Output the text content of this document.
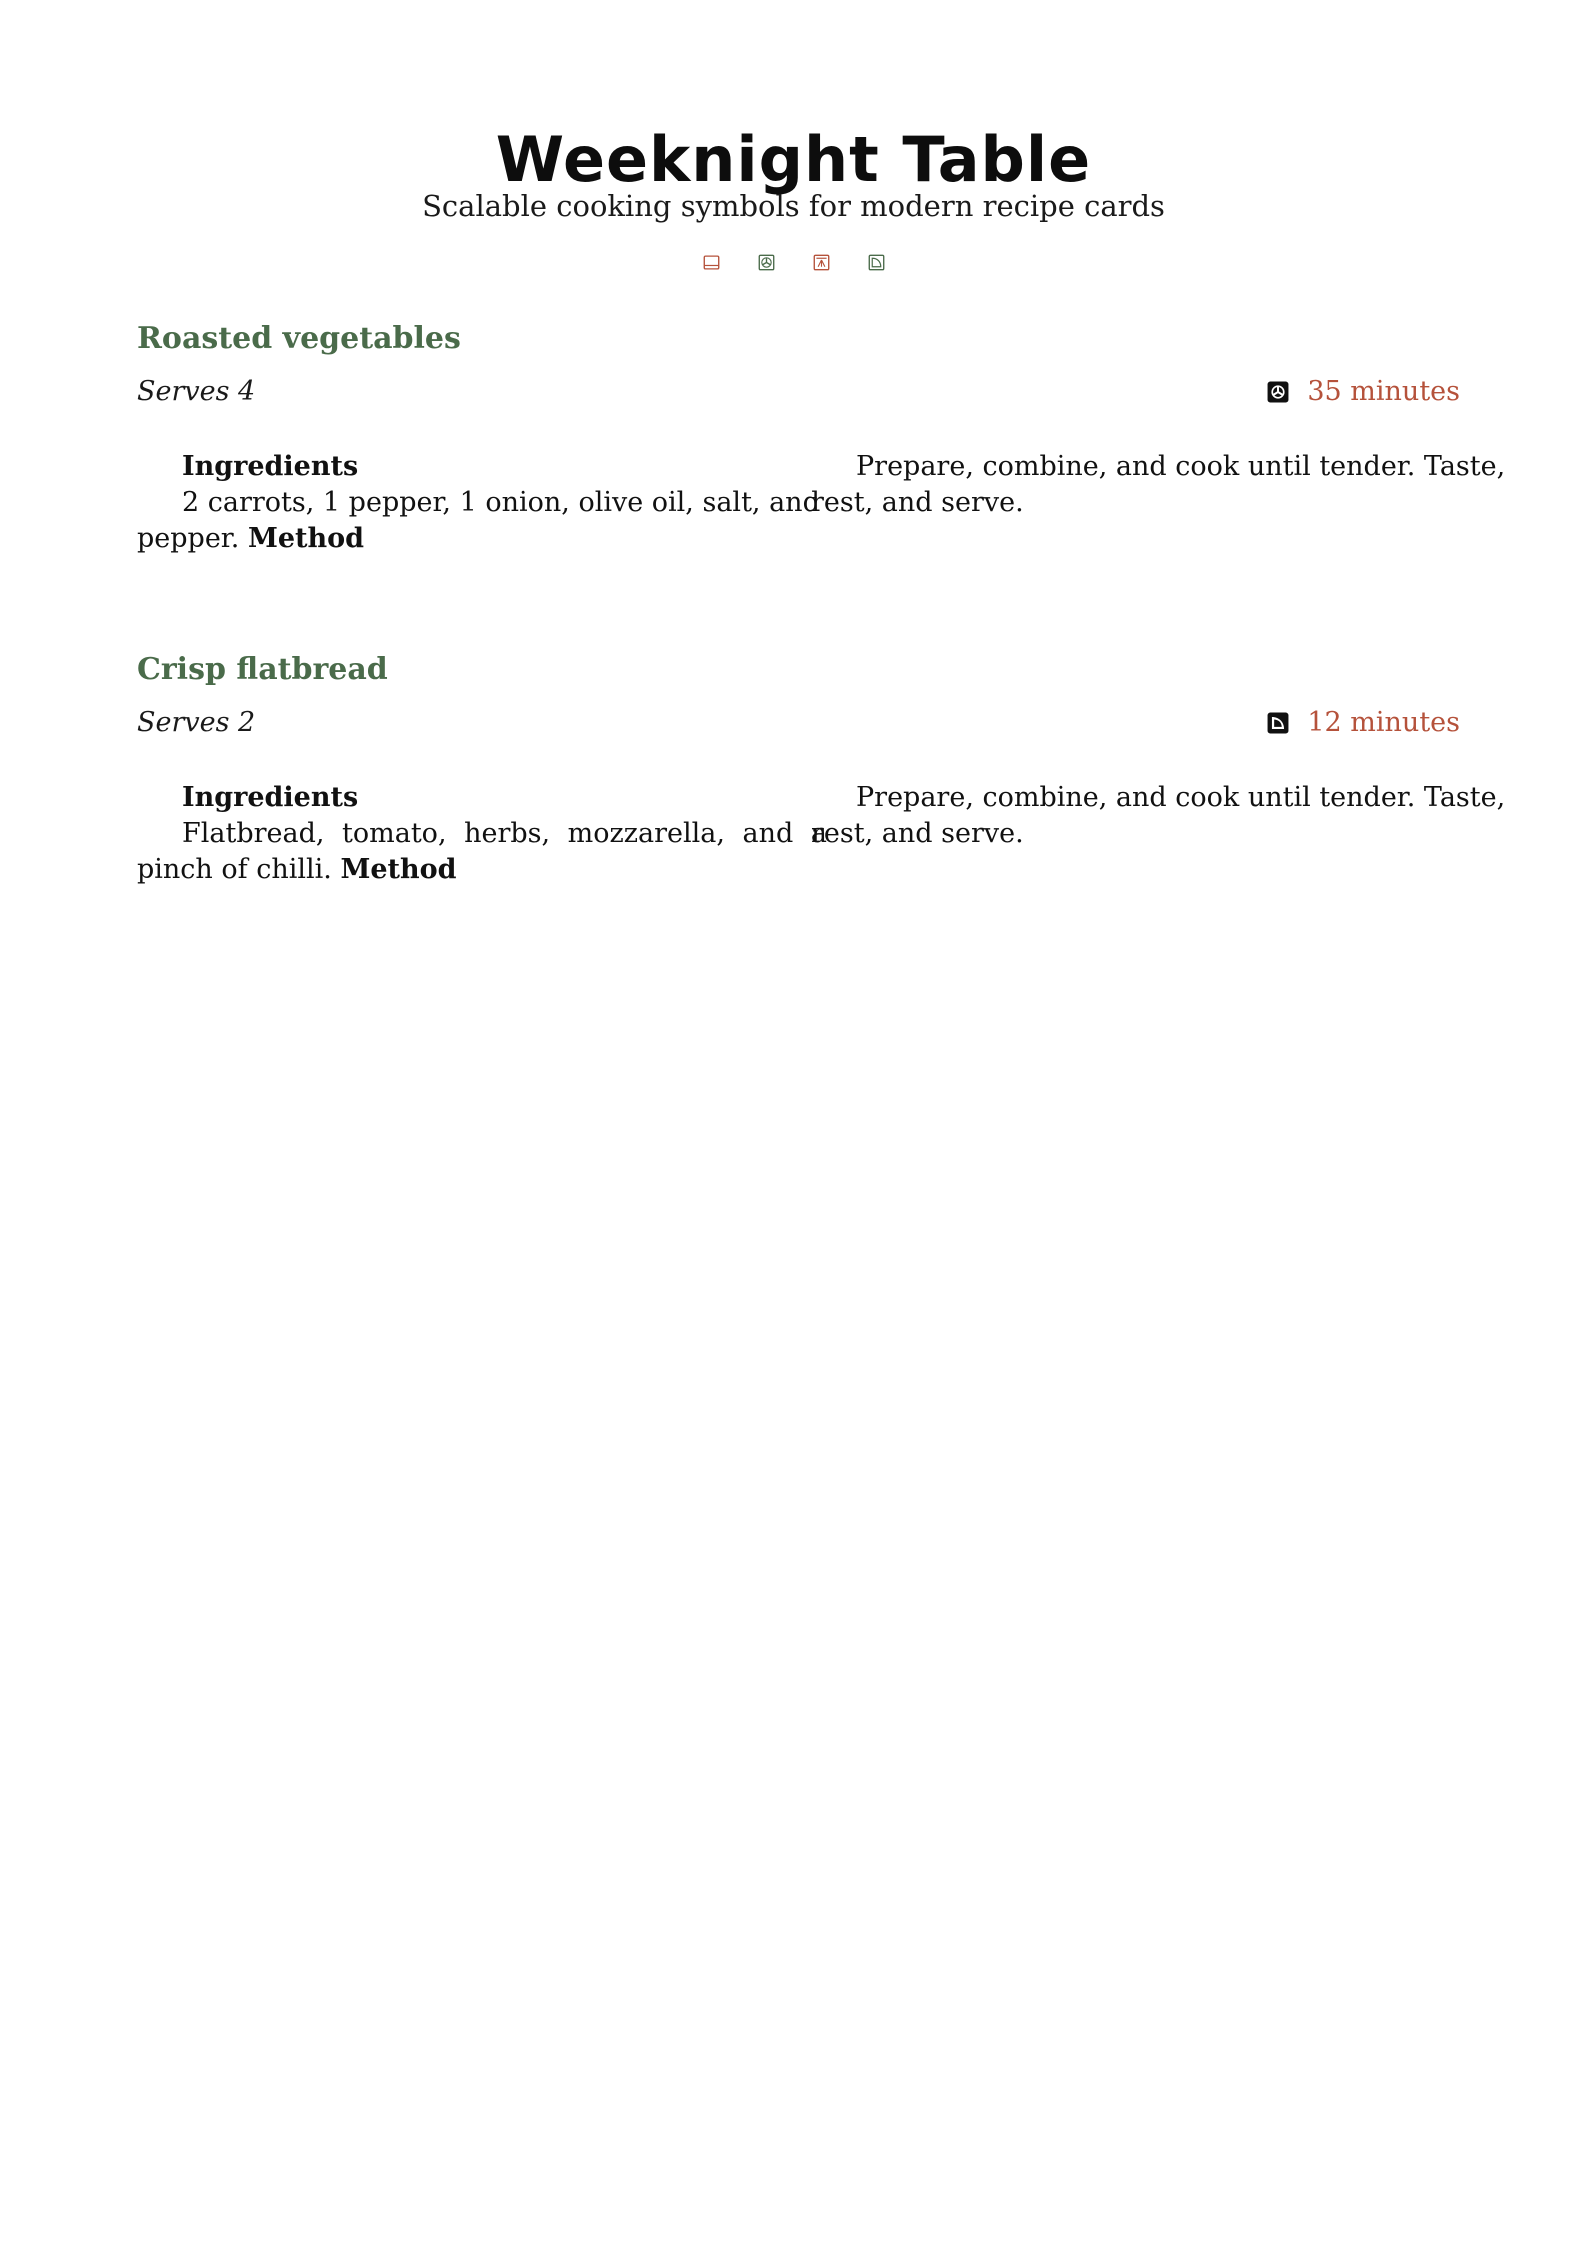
Weeknight Table
Scalable cooking symbols for modern recipe cards
Roasted vegetables
Serves 4	35 minutes
Ingredients
2 carrots, 1 pepper, 1 onion, olive oil, salt, and
pepper. Method
Prepare, combine, and cook until tender. Taste,
rest, and serve.
Crisp flatbread
Serves 2	12 minutes
Ingredients
Flatbread, tomato, herbs, mozzarella, and a
pinch of chilli. Method
Prepare, combine, and cook until tender. Taste,
rest, and serve.
